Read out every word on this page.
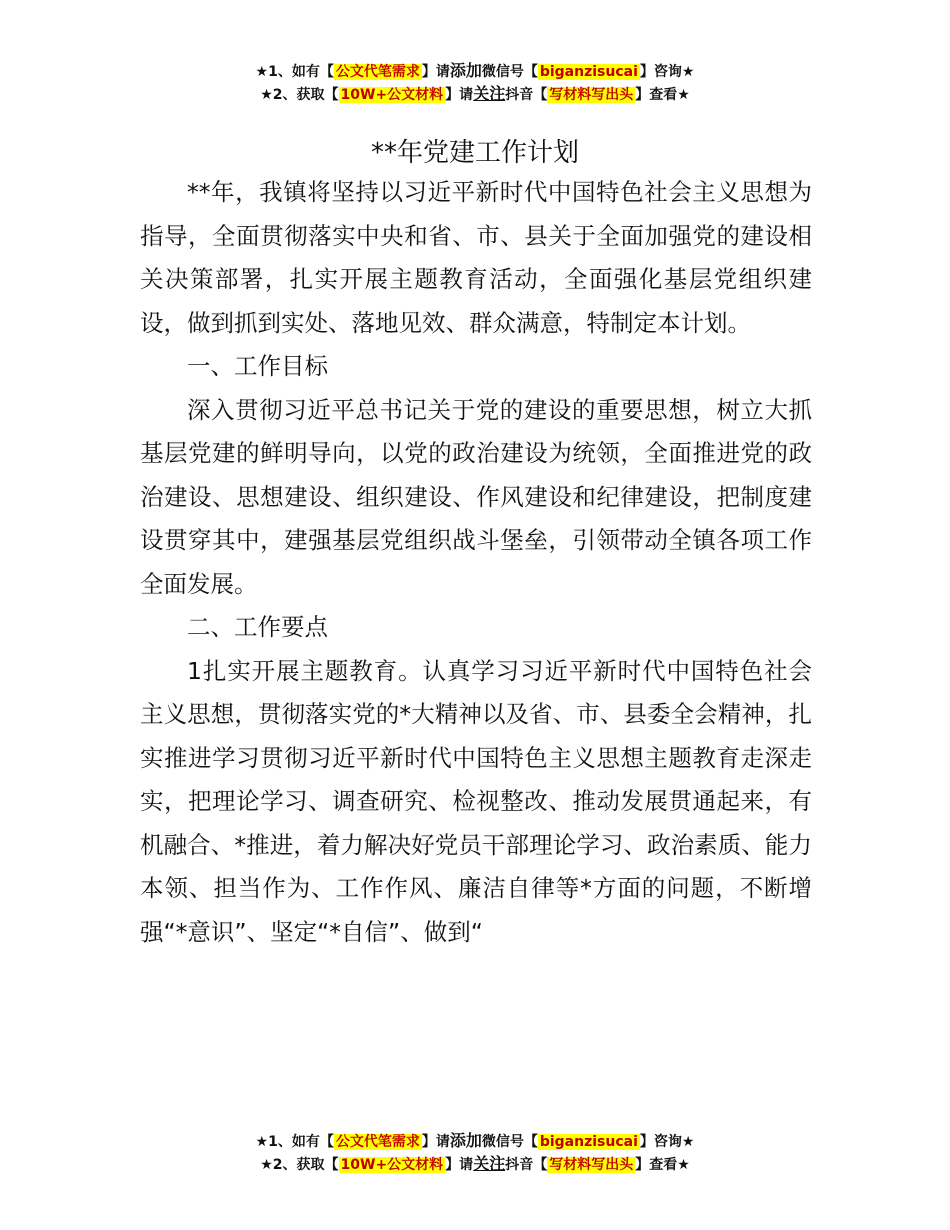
★1、如有【 公文代笔需求 】请添加微信号【 biganzisucai 】咨询★
★2、获取【 10W+公文材料 】请关注抖音【 写材料写出头 】查看★
**年党建工作计划

**年，我镇将坚持以习近平新时代中国特色社会主义思想为指导，全面贯彻落实中央和省、市、县关于全面加强党的建设相关决策部署，扎实开展主题教育活动，全面强化基层党组织建设，做到抓到实处、落地见效、群众满意，特制定本计划。

一、工作目标

深入贯彻习近平总书记关于党的建设的重要思想，树立大抓基层党建的鲜明导向，以党的政治建设为统领，全面推进党的政治建设、思想建设、组织建设、作风建设和纪律建设，把制度建设贯穿其中，建强基层党组织战斗堡垒，引领带动全镇各项工作全面发展。

二、工作要点

1扎实开展主题教育。认真学习习近平新时代中国特色社会主义思想，贯彻落实党的*大精神以及省、市、县委全会精神，扎实推进学习贯彻习近平新时代中国特色主义思想主题教育走深走实，把理论学习、调查研究、检视整改、推动发展贯通起来，有机融合、*推进，着力解决好党员干部理论学习、政治素质、能力本领、担当作为、工作作风、廉洁自律等*方面的问题，不断增强“*意识”、坚定“*自信”、做到“

★1、如有【 公文代笔需求 】请添加微信号【 biganzisucai 】咨询★
★2、获取【 10W+公文材料 】请关注抖音【 写材料写出头 】查看★
